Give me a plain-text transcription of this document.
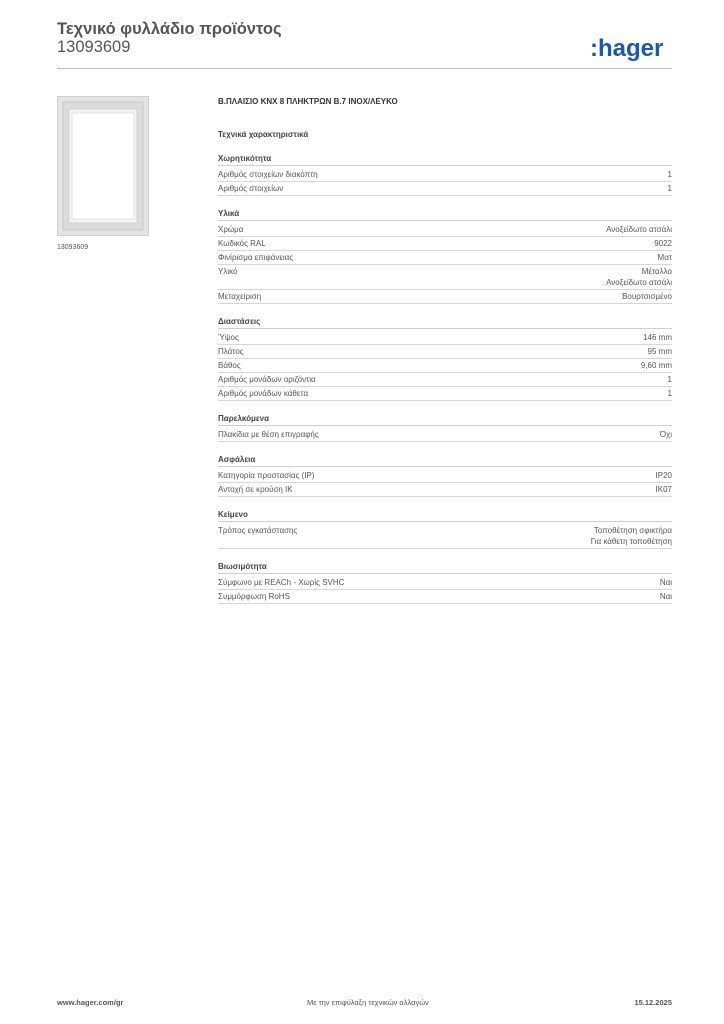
Τεχνικό φυλλάδιο προϊόντος
13093609	:hager
13093609
Β.ΠΛΑΙΣΙΟ KNX 8 ΠΛΗΚΤΡΩΝ Β.7 ΙΝΟΧ/ΛΕΥΚΟ
Τεχνικά χαρακτηριστικά
Χωρητικότητα
Αριθμός στοιχείων διακόπτη	1
Αριθμός στοιχείων	1
Υλικά
Χρώμα	Ανοξείδωτο ατσάλι
Κωδικός RAL	9022
Φινίρισμα επιφάνειας	Ματ
Υλικό	Μέταλλο
Ανοξείδωτο ατσάλι
Μεταχείριση	Βουρτσισμένο
Διαστάσεις
Ύψος	146 mm
Πλάτος	95 mm
Βάθος	9,60 mm
Αριθμός μονάδων οριζόντια	1
Αριθμός μονάδων κάθετα	1
Παρελκόμενα
Πλακίδια με θέση επιγραφής	Όχι
Ασφάλεια
Κατηγορία προστασίας (IP)	IP20
Αντοχή σε κρούση IK	IK07
Κείμενο
Τρόπος εγκατάστασης	Τοποθέτηση σφικτήρα
Για κάθετη τοποθέτηση
Βιωσιμότητα
Σύμφωνο με REACh - Χωρίς SVHC	Ναι
Συμμόρφωση RoHS	Ναι
www.hager.com/gr	Με την επιφύλαξη τεχνικών αλλαγών	15.12.2025
